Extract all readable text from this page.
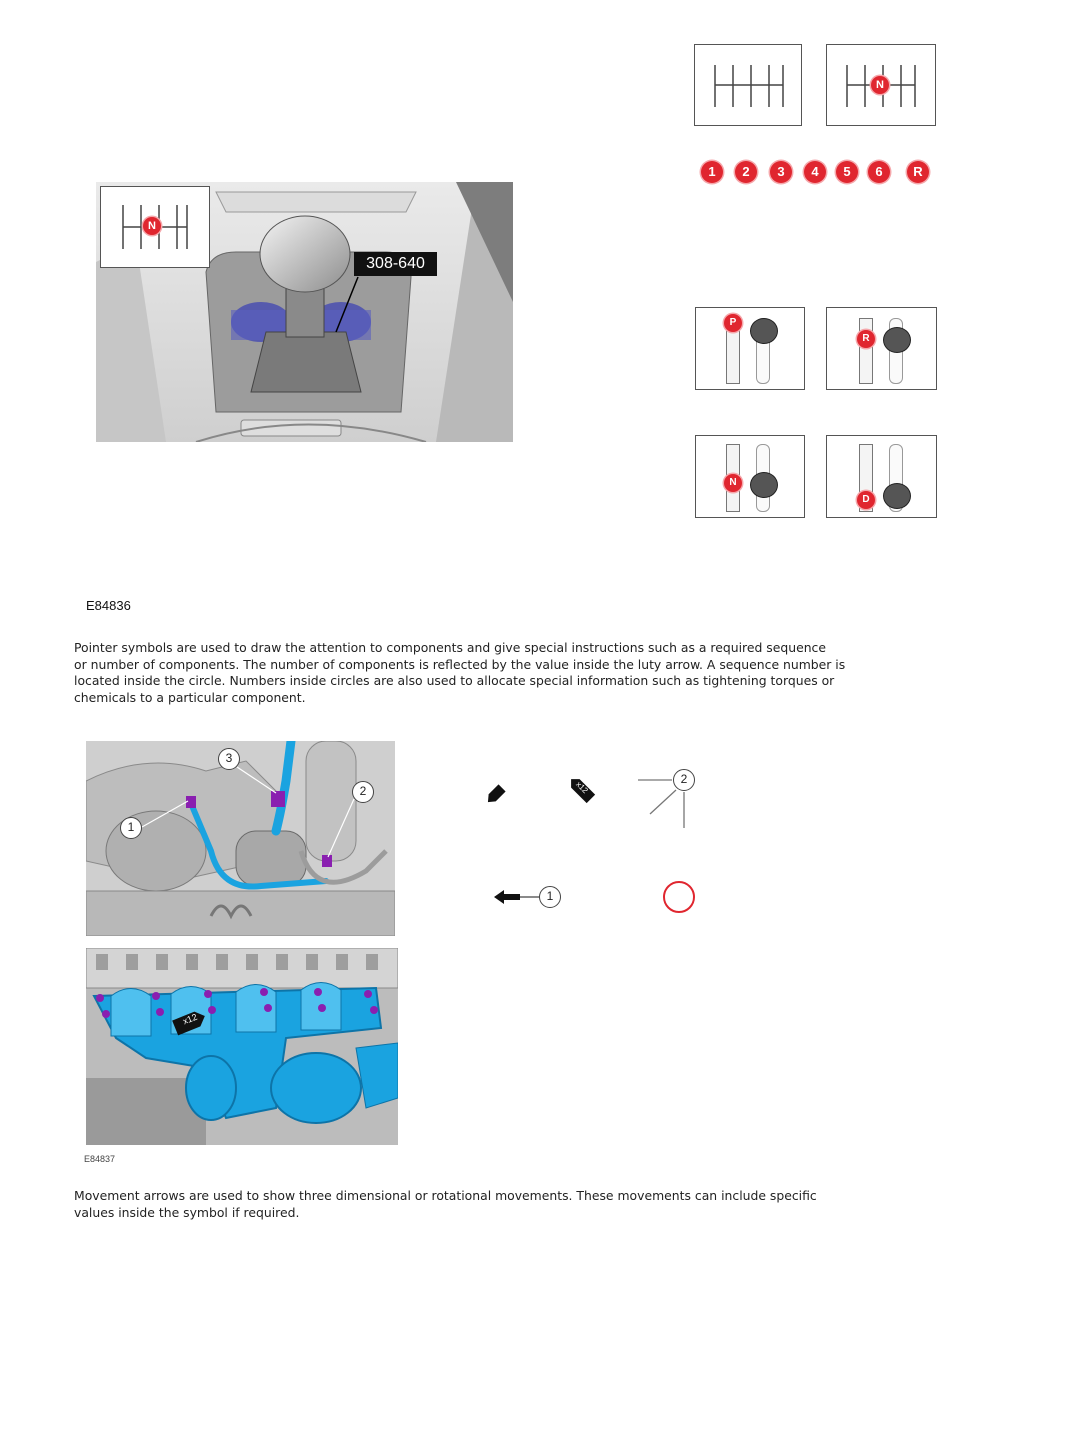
308-640
N
N
1	2	3	4	5	6	R
P
R
N
D
E84836
Pointer symbols are used to draw the attention to components and give special instructions such as a required sequence
or number of components. The number of components is reflected by the value inside the luty arrow. A sequence number is
located inside the circle. Numbers inside circles are also used to allocate special information such as tightening torques or
chemicals to a particular component.
1
3
2
x12
x12
2
1
E84837
Movement arrows are used to show three dimensional or rotational movements. These movements can include specific
values inside the symbol if required.
